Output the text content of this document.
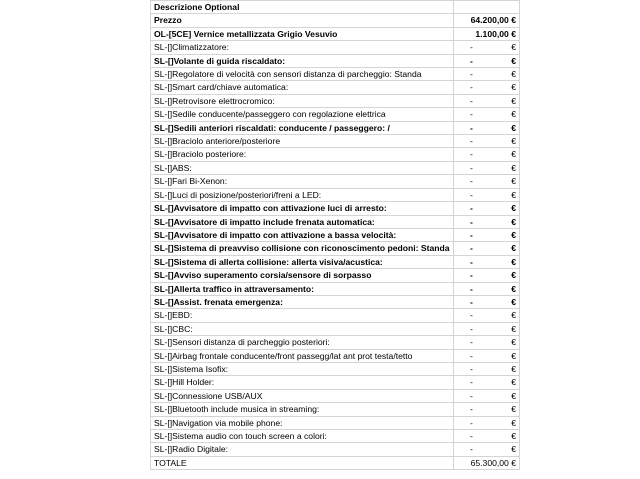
Descrizione Optional	
Prezzo	64.200,00 €
OL-[5CE] Vernice metallizzata Grigio Vesuvio	1.100,00 €
SL-[]Climatizzatore:	- €
SL-[]Volante di guida riscaldato:	- €
SL-[]Regolatore di velocità con sensori distanza di parcheggio: Standa	- €
SL-[]Smart card/chiave automatica:	- €
SL-[]Retrovisore elettrocromico:	- €
SL-[]Sedile conducente/passeggero con regolazione elettrica	- €
SL-[]Sedili anteriori riscaldati: conducente / passeggero: /	- €
SL-[]Braciolo anteriore/posteriore	- €
SL-[]Braciolo posteriore:	- €
SL-[]ABS:	- €
SL-[]Fari Bi-Xenon:	- €
SL-[]Luci di posizione/posteriori/freni a LED:	- €
SL-[]Avvisatore di impatto con attivazione luci di arresto:	- €
SL-[]Avvisatore di impatto include frenata automatica:	- €
SL-[]Avvisatore di impatto con attivazione a bassa velocità:	- €
SL-[]Sistema di preavviso collisione con riconoscimento pedoni: Standa	- €
SL-[]Sistema di allerta collisione: allerta visiva/acustica:	- €
SL-[]Avviso superamento corsia/sensore di sorpasso	- €
SL-[]Allerta traffico in attraversamento:	- €
SL-[]Assist. frenata emergenza:	- €
SL-[]EBD:	- €
SL-[]CBC:	- €
SL-[]Sensori distanza di parcheggio posteriori:	- €
SL-[]Airbag frontale conducente/front passegg/lat ant prot testa/tetto	- €
SL-[]Sistema Isofix:	- €
SL-[]Hill Holder:	- €
SL-[]Connessione USB/AUX	- €
SL-[]Bluetooth include musica in streaming:	- €
SL-[]Navigation via mobile phone:	- €
SL-[]Sistema audio con touch screen a colori:	- €
SL-[]Radio Digitale:	- €
TOTALE	65.300,00 €
